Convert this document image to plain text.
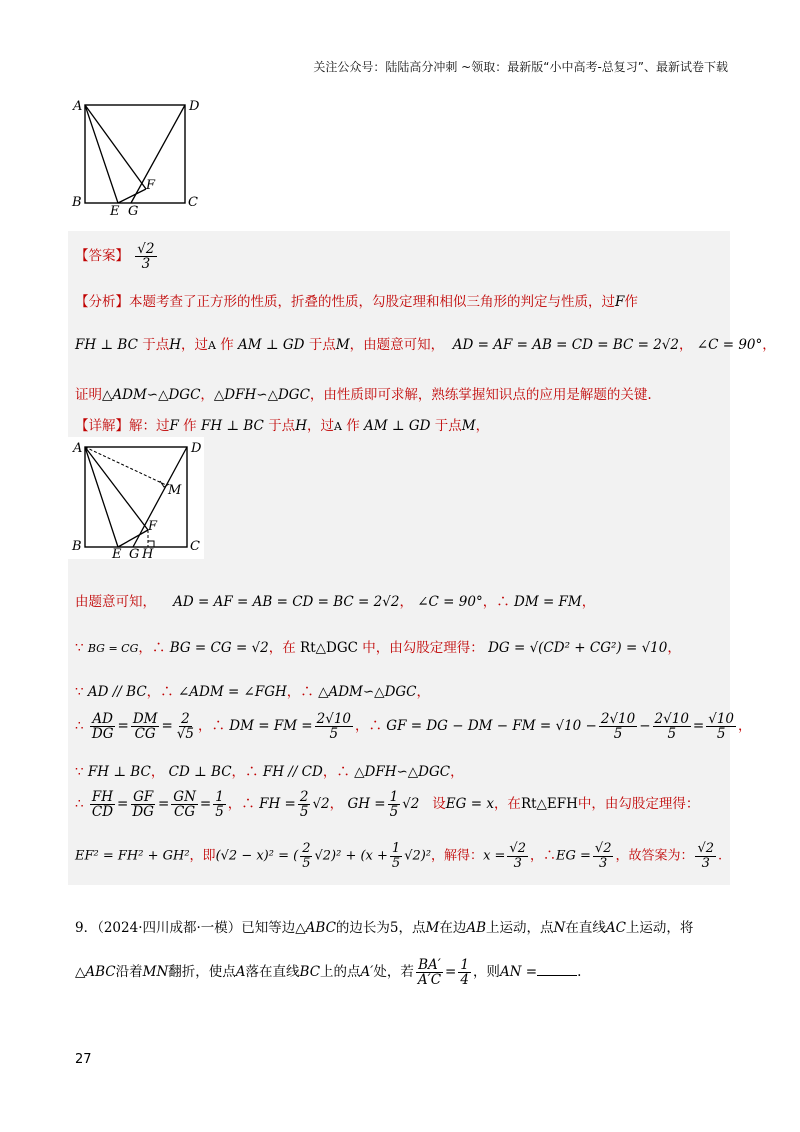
关注公众号：陆陆高分冲刺 ~领取：最新版“小中高考-总复习”、最新试卷下载
A	D
B
E G
C
F
【答案】 $\frac{√2}{3}$
【分析】本题考查了正方形的性质，折叠的性质，勾股定理和相似三角形的判定与性质，过F作
FH ⊥ BC 于点H，过A 作 AM ⊥ GD 于点M，由题意可知， AD = AF = AB = CD = BC = 2√2， ∠C = 90°，
证明△ADM∽△DGC，△DFH∽△DGC，由性质即可求解，熟练掌握知识点的应用是解题的关键.
【详解】解：过F 作 FH ⊥ BC 于点H，过A 作 AM ⊥ GD 于点M，
A	D
M
F
B
E G H
C
由题意可知， AD = AF = AB = CD = BC = 2√2， ∠C = 90°，∴ DM = FM，
∵ BG = CG，∴ BG = CG = √2，在 Rt△DGC 中，由勾股定理得： DG = √(CD² + CG²) = √10，
∵ AD // BC，∴ ∠ADM = ∠FGH，∴ △ADM∽△DGC，
∴ $\frac{AD}{DG} = \frac{DM}{CG} = \frac{2}{√5}$ ，∴ DM = FM = $\frac{2√10}{5}$ ，∴ GF = DG − DM − FM = $√10 - \frac{2√10}{5} - \frac{2√10}{5} = \frac{√10}{5}$ ，
∵ FH ⊥ BC， CD ⊥ BC，∴ FH // CD，∴ △DFH∽△DGC，
∴ $\frac{FH}{CD} = \frac{GF}{DG} = \frac{GN}{CG} = \frac{1}{5}$ ，∴ FH = $\frac{2}{5} √2$， GH = $\frac{1}{5} √2$ 设EG = x，在Rt△EFH中，由勾股定理得：
EF² = FH² + GH²，即(√2 − x)² = ( $\frac{2}{5} √2)^2 + (x + \frac{1}{5} √2)^2$，解得：$x = \frac{√2}{3}$ ，∴EG = $\frac{√2}{3}$ ，故答案为： $\frac{√2}{3}$ .
9．（2024·四川成都·一模）已知等边△ABC的边长为5，点M在边AB上运动，点N在直线AC上运动，将
△ABC沿着MN翻折，使点A落在直线BC上的点A′处，若 $\frac{BA'}{A'C} = \frac{1}{4}$ ，则AN =	.
27
